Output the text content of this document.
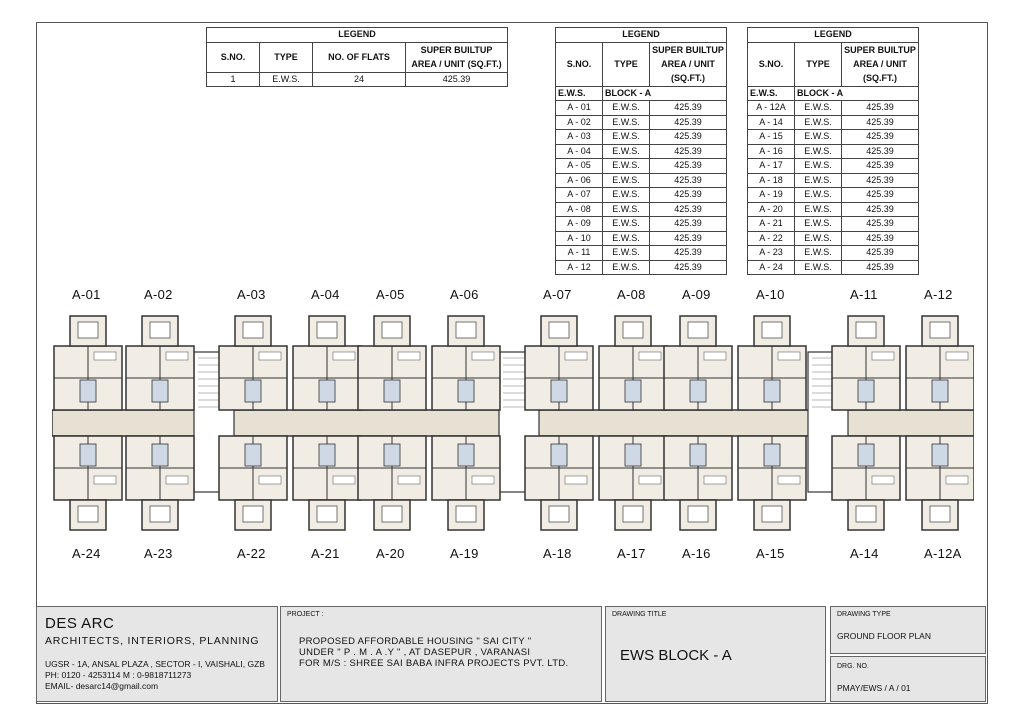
LEGEND			
S.NO.	TYPE	NO. OF FLATS	SUPER BUILTUP AREA / UNIT (SQ.FT.)
1	E.W.S.	24	425.39
LEGEND		
S.NO.	TYPE	SUPER BUILTUP AREA / UNIT (SQ.FT.)
E.W.S.	BLOCK - A	
A - 01	E.W.S.	425.39
A - 02	E.W.S.	425.39
A - 03	E.W.S.	425.39
A - 04	E.W.S.	425.39
A - 05	E.W.S.	425.39
A - 06	E.W.S.	425.39
A - 07	E.W.S.	425.39
A - 08	E.W.S.	425.39
A - 09	E.W.S.	425.39
A - 10	E.W.S.	425.39
A - 11	E.W.S.	425.39
A - 12	E.W.S.	425.39
LEGEND		
S.NO.	TYPE	SUPER BUILTUP AREA / UNIT (SQ.FT.)
E.W.S.	BLOCK - A	
A - 12A	E.W.S.	425.39
A - 14	E.W.S.	425.39
A - 15	E.W.S.	425.39
A - 16	E.W.S.	425.39
A - 17	E.W.S.	425.39
A - 18	E.W.S.	425.39
A - 19	E.W.S.	425.39
A - 20	E.W.S.	425.39
A - 21	E.W.S.	425.39
A - 22	E.W.S.	425.39
A - 23	E.W.S.	425.39
A - 24	E.W.S.	425.39
A-01	A-02	A-03	A-04	A-05	A-06	A-07	A-08	A-09	A-10	A-11	A-12
A-24	A-23	A-22	A-21	A-20	A-19	A-18	A-17	A-16	A-15	A-14	A-12A
DES ARC
ARCHITECTS, INTERIORS, PLANNING
UGSR - 1A, ANSAL PLAZA , SECTOR - I, VAISHALI, GZB
PH: 0120 - 4253114 M : 0-9818711273
EMAIL- desarc14@gmail.com
PROJECT :
PROPOSED AFFORDABLE HOUSING " SAI CITY "
UNDER " P . M . A .Y " , AT DASEPUR , VARANASI
FOR M/S : SHREE SAI BABA INFRA PROJECTS PVT. LTD.
DRAWING TITLE
EWS BLOCK - A
DRAWING TYPE
GROUND FLOOR PLAN
DRG. NO.
PMAY/EWS / A / 01
